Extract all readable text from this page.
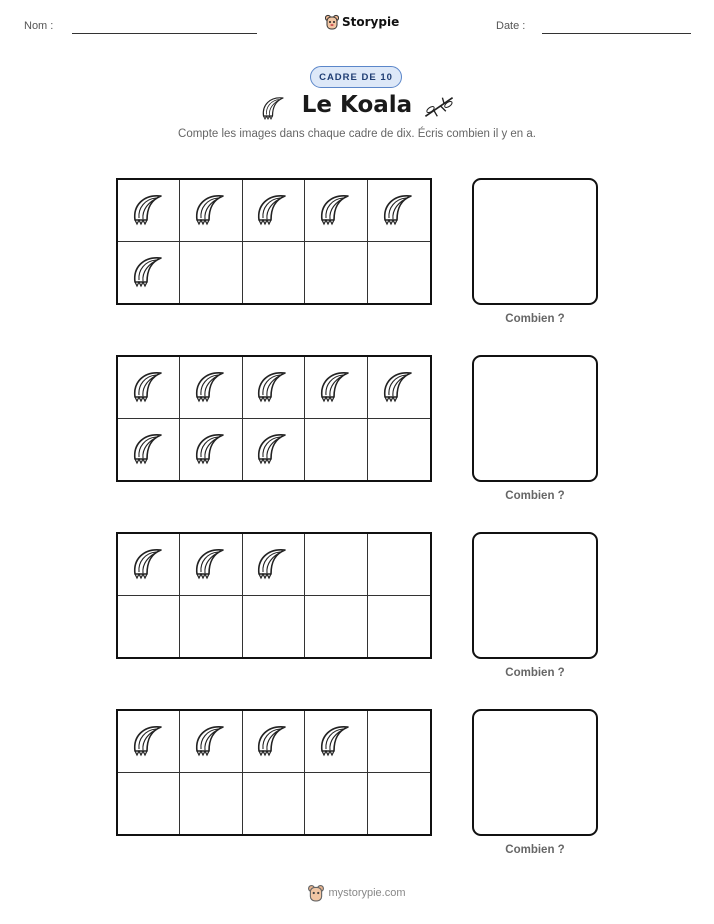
Nom :	Storypie	Date :
CADRE DE 10
Le Koala
Compte les images dans chaque cadre de dix. Écris combien il y en a.
Combien ?
Combien ?
Combien ?
Combien ?
mystorypie.com
